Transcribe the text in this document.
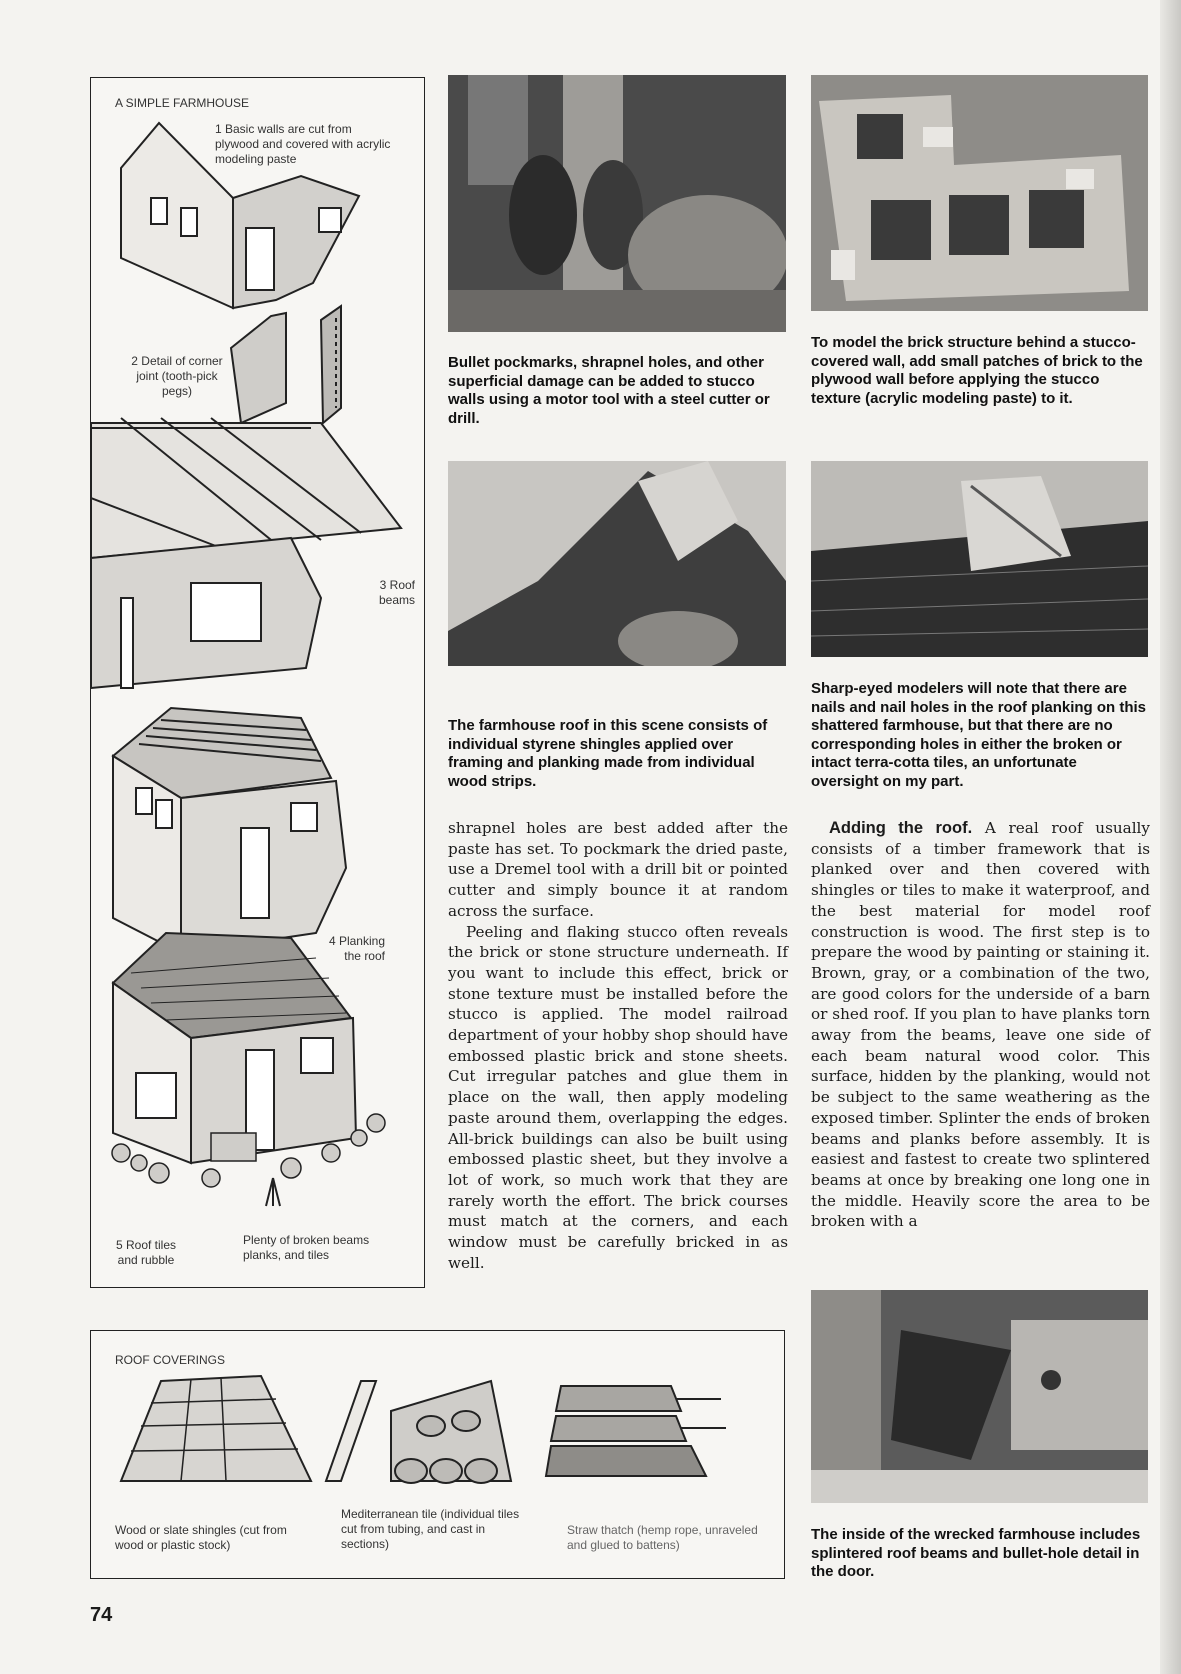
A SIMPLE FARMHOUSE
1 Basic walls are cut from plywood and covered with acrylic modeling paste
2 Detail of corner joint (tooth-pick pegs)
3 Roof beams
4 Planking the roof
5 Roof tiles and rubble
Plenty of broken beams planks, and tiles
Bullet pockmarks, shrapnel holes, and other superficial damage can be added to stucco walls using a motor tool with a steel cutter or drill.
To model the brick structure behind a stucco-covered wall, add small patches of brick to the plywood wall before applying the stucco texture (acrylic modeling paste) to it.
The farmhouse roof in this scene consists of individual styrene shingles applied over framing and planking made from individual wood strips.
Sharp-eyed modelers will note that there are nails and nail holes in the roof planking on this shattered farmhouse, but that there are no corresponding holes in either the broken or intact terra-cotta tiles, an unfortunate oversight on my part.
The inside of the wrecked farmhouse includes splintered roof beams and bullet-hole detail in the door.

shrapnel holes are best added after the paste has set. To pockmark the dried paste, use a Dremel tool with a drill bit or pointed cutter and simply bounce it at random across the surface.

Peeling and flaking stucco often reveals the brick or stone structure underneath. If you want to include this effect, brick or stone texture must be installed before the stucco is applied. The model railroad department of your hobby shop should have embossed plastic brick and stone sheets. Cut irregular patches and glue them in place on the wall, then apply modeling paste around them, overlapping the edges. All-brick buildings can also be built using embossed plastic sheet, but they involve a lot of work, so much work that they are rarely worth the effort. The brick courses must match at the corners, and each window must be carefully bricked in as well.

Adding the roof. A real roof usually consists of a timber framework that is planked over and then covered with shingles or tiles to make it waterproof, and the best material for model roof construction is wood. The first step is to prepare the wood by painting or staining it. Brown, gray, or a combination of the two, are good colors for the underside of a barn or shed roof. If you plan to have planks torn away from the beams, leave one side of each beam natural wood color. This surface, hidden by the planking, would not be subject to the same weathering as the exposed timber. Splinter the ends of broken beams and planks before assembly. It is easiest and fastest to create two splintered beams at once by breaking one long one in the middle. Heavily score the area to be broken with a

ROOF COVERINGS
Wood or slate shingles (cut from wood or plastic stock)
Mediterranean tile (individual tiles cut from tubing, and cast in sections)
Straw thatch (hemp rope, unraveled and glued to battens)
74
